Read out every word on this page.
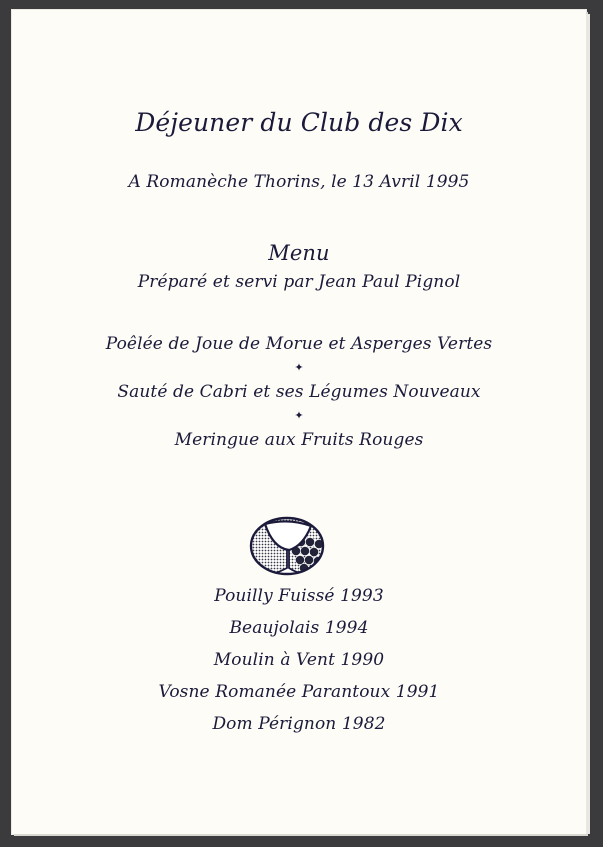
Déjeuner du Club des Dix
A Romanèche Thorins, le 13 Avril 1995
Menu
Préparé et servi par Jean Paul Pignol
Poêlée de Joue de Morue et Asperges Vertes
✦
Sauté de Cabri et ses Légumes Nouveaux
✦
Meringue aux Fruits Rouges
Pouilly Fuissé 1993
Beaujolais 1994
Moulin à Vent 1990
Vosne Romanée Parantoux 1991
Dom Pérignon 1982
